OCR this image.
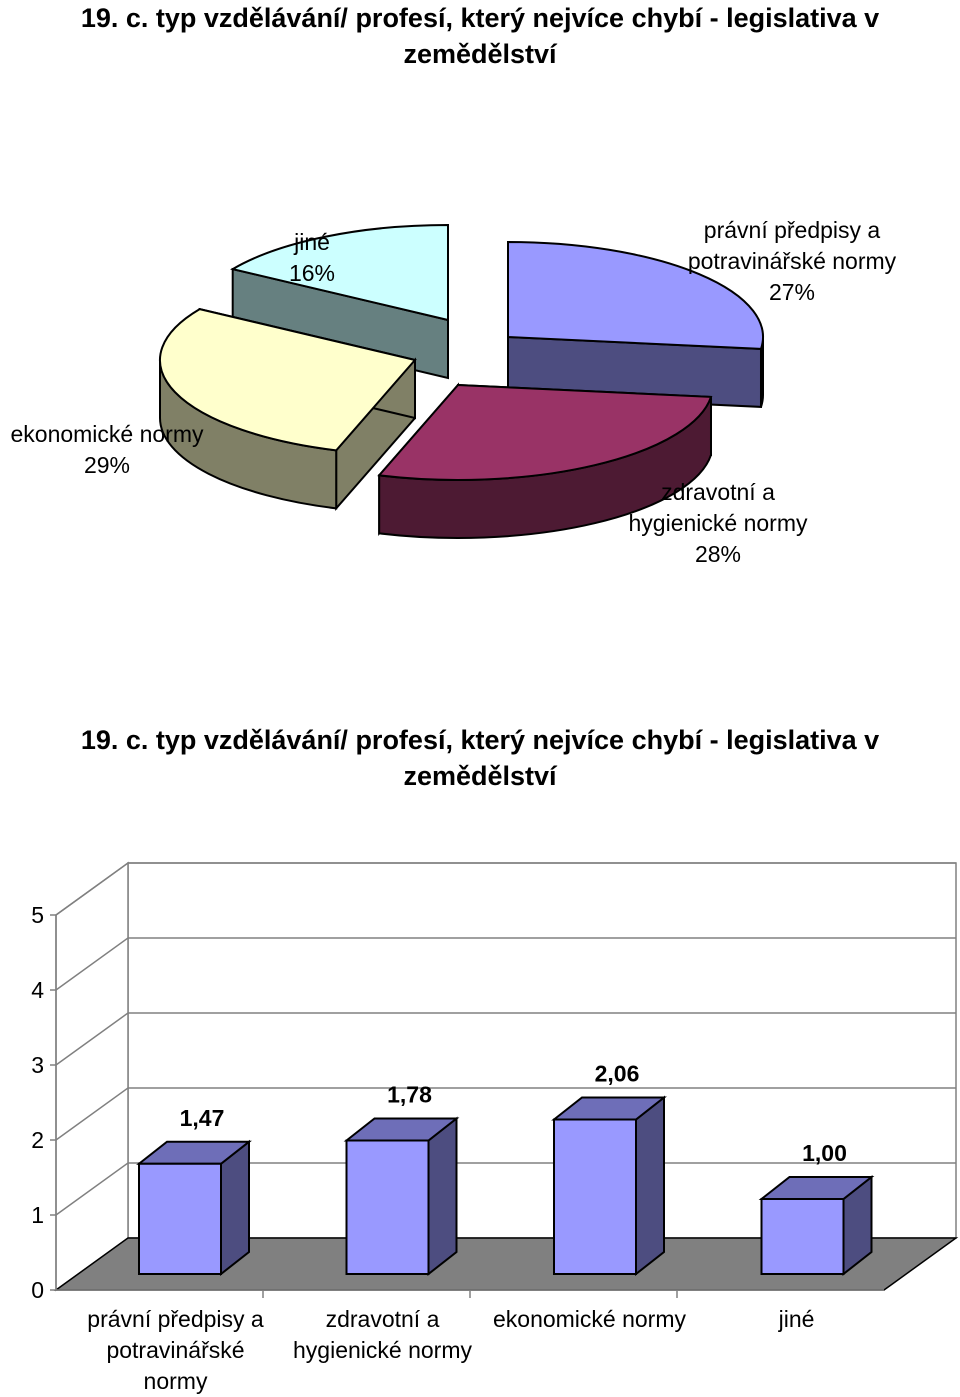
19. c. typ vzdělávání/ profesí, který nejvíce chybí - legislativa v
zemědělství
právní předpisy a potravinářské normy 27%
zdravotní a hygienické normy 28%
ekonomické normy 29%
jiné 16%
19. c. typ vzdělávání/ profesí, který nejvíce chybí - legislativa v
zemědělství
0
1
2
3
4
5
1,47
právní předpisy a potravinářské normy
1,78
zdravotní a hygienické normy
2,06
ekonomické normy
1,00
jiné
